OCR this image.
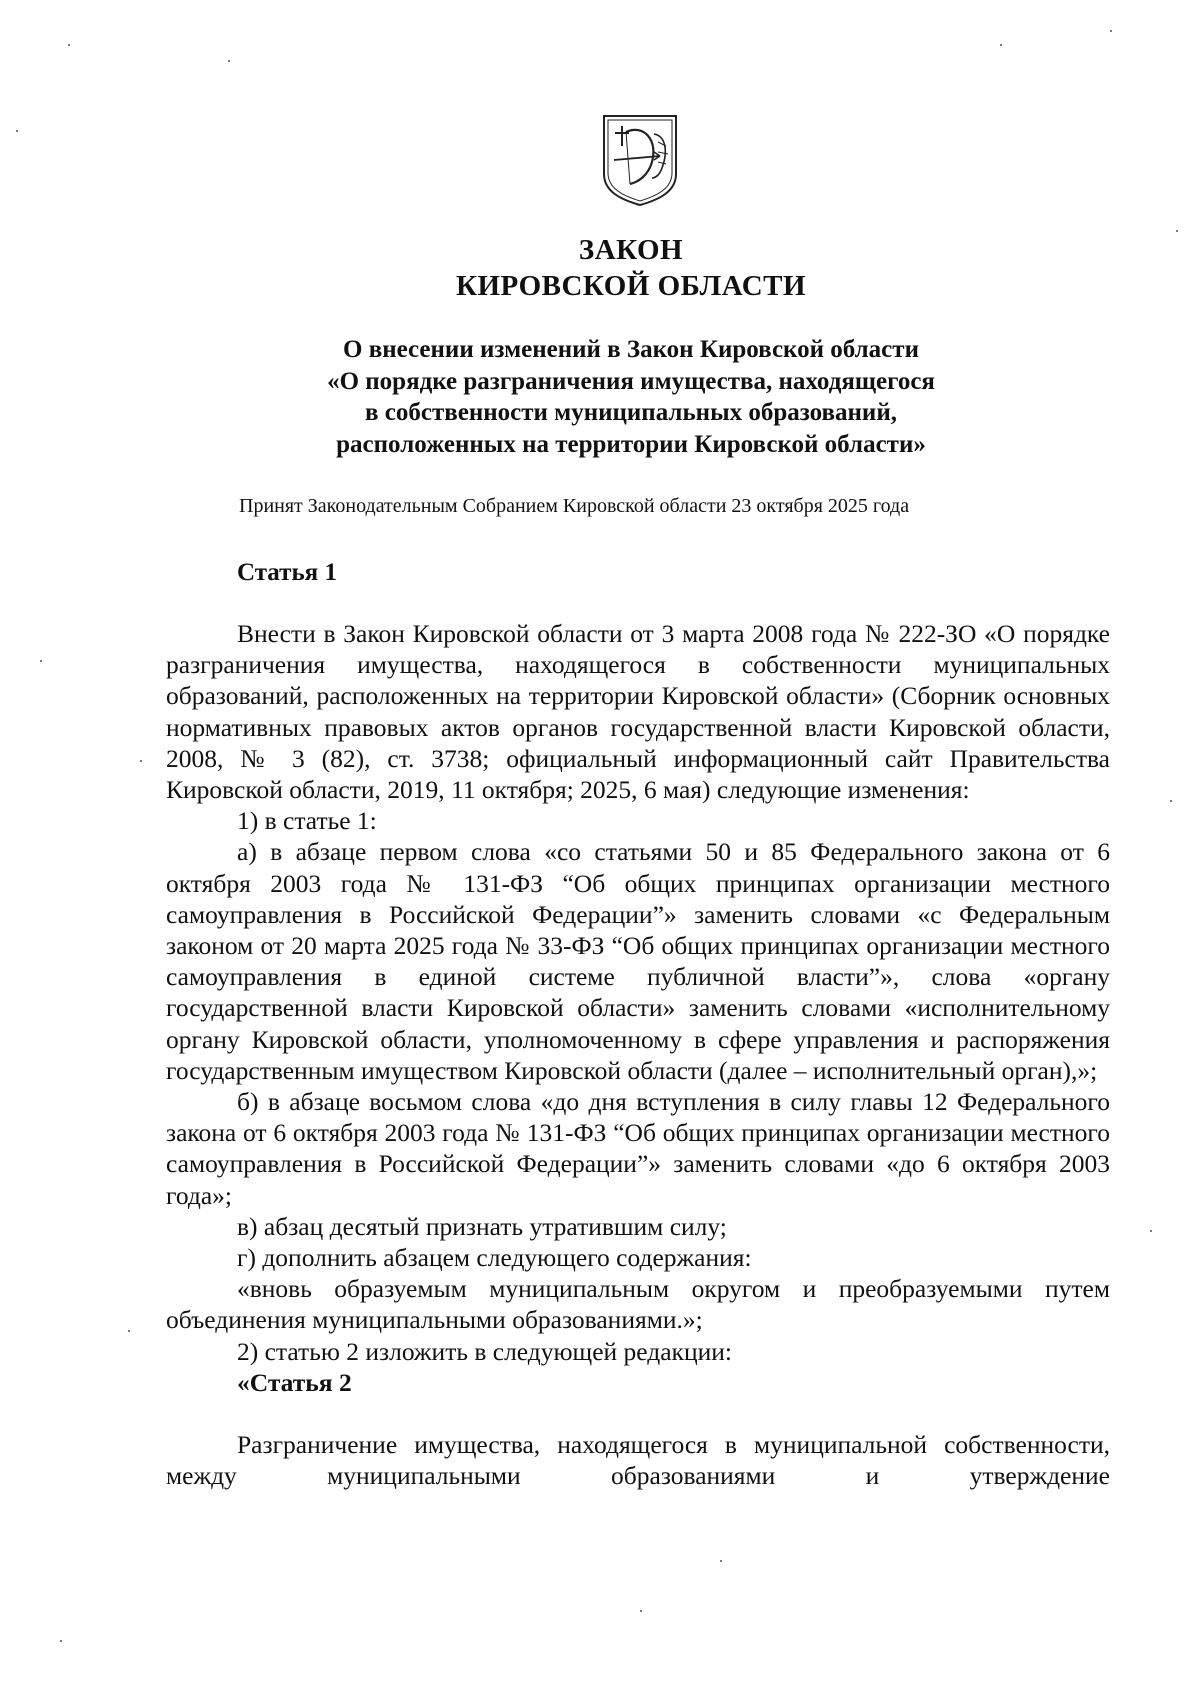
ЗАКОН
КИРОВСКОЙ ОБЛАСТИ
О внесении изменений в Закон Кировской области
«О порядке разграничения имущества, находящегося
в собственности муниципальных образований,
расположенных на территории Кировской области»
Принят Законодательным Собранием Кировской области 23 октября 2025 года
Статья 1

Внести в Закон Кировской области от 3 марта 2008 года № 222-ЗО «О порядке разграничения имущества, находящегося в собственности муниципальных образований, расположенных на территории Кировской области» (Сборник основных нормативных правовых актов органов государственной власти Кировской области, 2008, № 3 (82), ст. 3738; официальный информационный сайт Правительства Кировской области, 2019, 11 октября; 2025, 6 мая) следующие изменения:

1) в статье 1:

а) в абзаце первом слова «со статьями 50 и 85 Федерального закона от 6 октября 2003 года № 131-ФЗ “Об общих принципах организации местного самоуправления в Российской Федерации”» заменить словами «с Федеральным законом от 20 марта 2025 года № 33-ФЗ “Об общих принципах организации местного самоуправления в единой системе публичной власти”», слова «органу государственной власти Кировской области» заменить словами «исполнительному органу Кировской области, уполномоченному в сфере управления и распоряжения государственным имуществом Кировской области (далее – исполнительный орган),»;

б) в абзаце восьмом слова «до дня вступления в силу главы 12 Федерального закона от 6 октября 2003 года № 131-ФЗ “Об общих принципах организации местного самоуправления в Российской Федерации”» заменить словами «до 6 октября 2003 года»;

в) абзац десятый признать утратившим силу;

г) дополнить абзацем следующего содержания:

«вновь образуемым муниципальным округом и преобразуемыми путем объединения муниципальными образованиями.»;

2) статью 2 изложить в следующей редакции:

«Статья 2

Разграничение имущества, находящегося в муниципальной собственности, между муниципальными образованиями и утверждение
